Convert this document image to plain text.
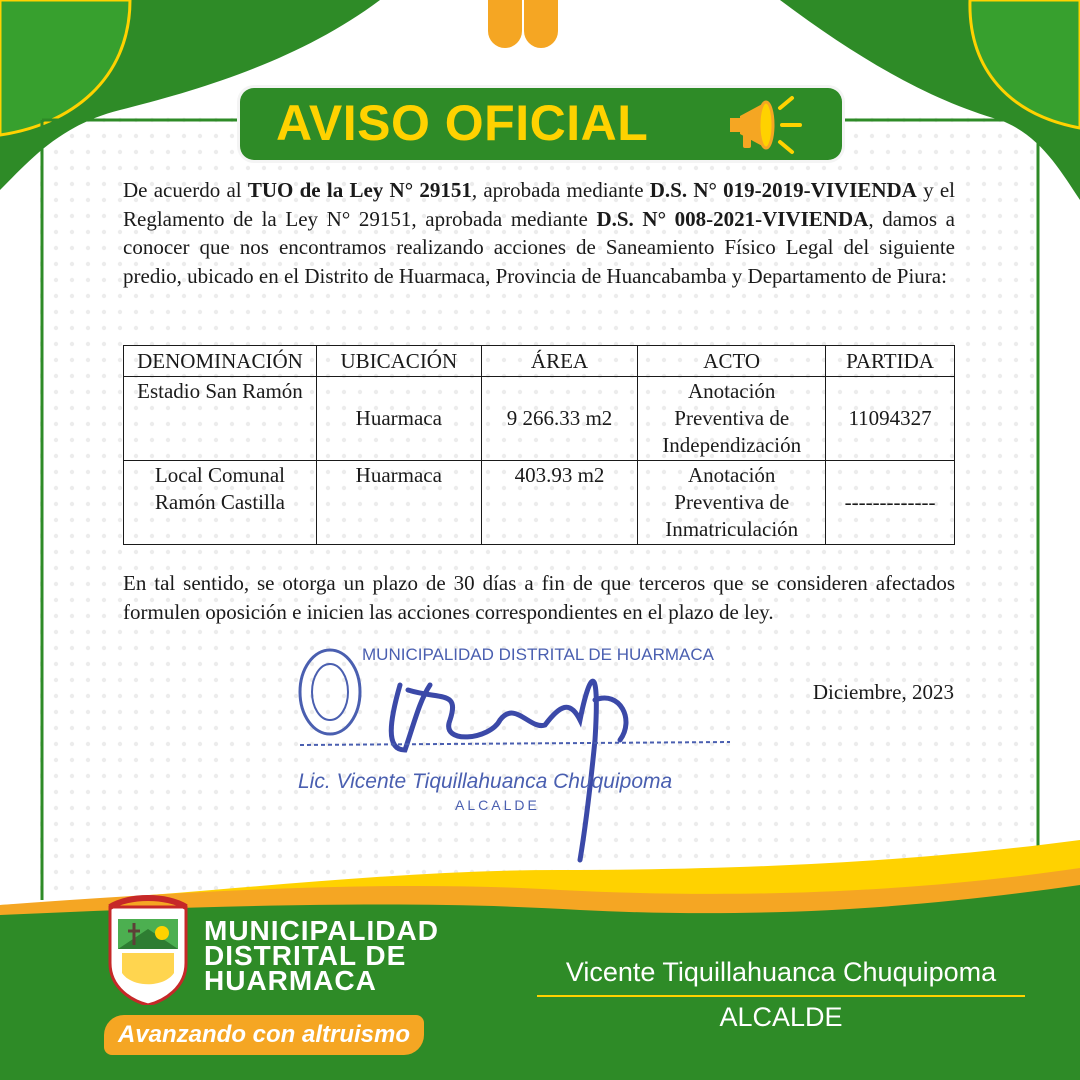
AVISO OFICIAL
De acuerdo al TUO de la Ley N° 29151, aprobada mediante D.S. N° 019-2019-VIVIENDA y el Reglamento de la Ley N° 29151, aprobada mediante D.S. N° 008-2021-VIVIENDA, damos a conocer que nos encontramos realizando acciones de Saneamiento Físico Legal del siguiente predio, ubicado en el Distrito de Huarmaca, Provincia de Huancabamba y Departamento de Piura:
DENOMINACIÓN	UBICACIÓN	ÁREA	ACTO	PARTIDA
Estadio San Ramón	Huarmaca	9 266.33 m2	Anotación Preventiva de Independización	11094327
Local Comunal Ramón Castilla	Huarmaca	403.93 m2	Anotación Preventiva de Inmatriculación	-------------
En tal sentido, se otorga un plazo de 30 días a fin de que terceros que se consideren afectados formulen oposición e inicien las acciones correspondientes en el plazo de ley.
Diciembre, 2023
MUNICIPALIDAD DISTRITAL DE HUARMACA
Lic. Vicente Tiquillahuanca Chuquipoma
ALCALDE
MUNICIPALIDAD
DISTRITAL DE
HUARMACA
Avanzando con altruismo
Vicente Tiquillahuanca Chuquipoma
ALCALDE
